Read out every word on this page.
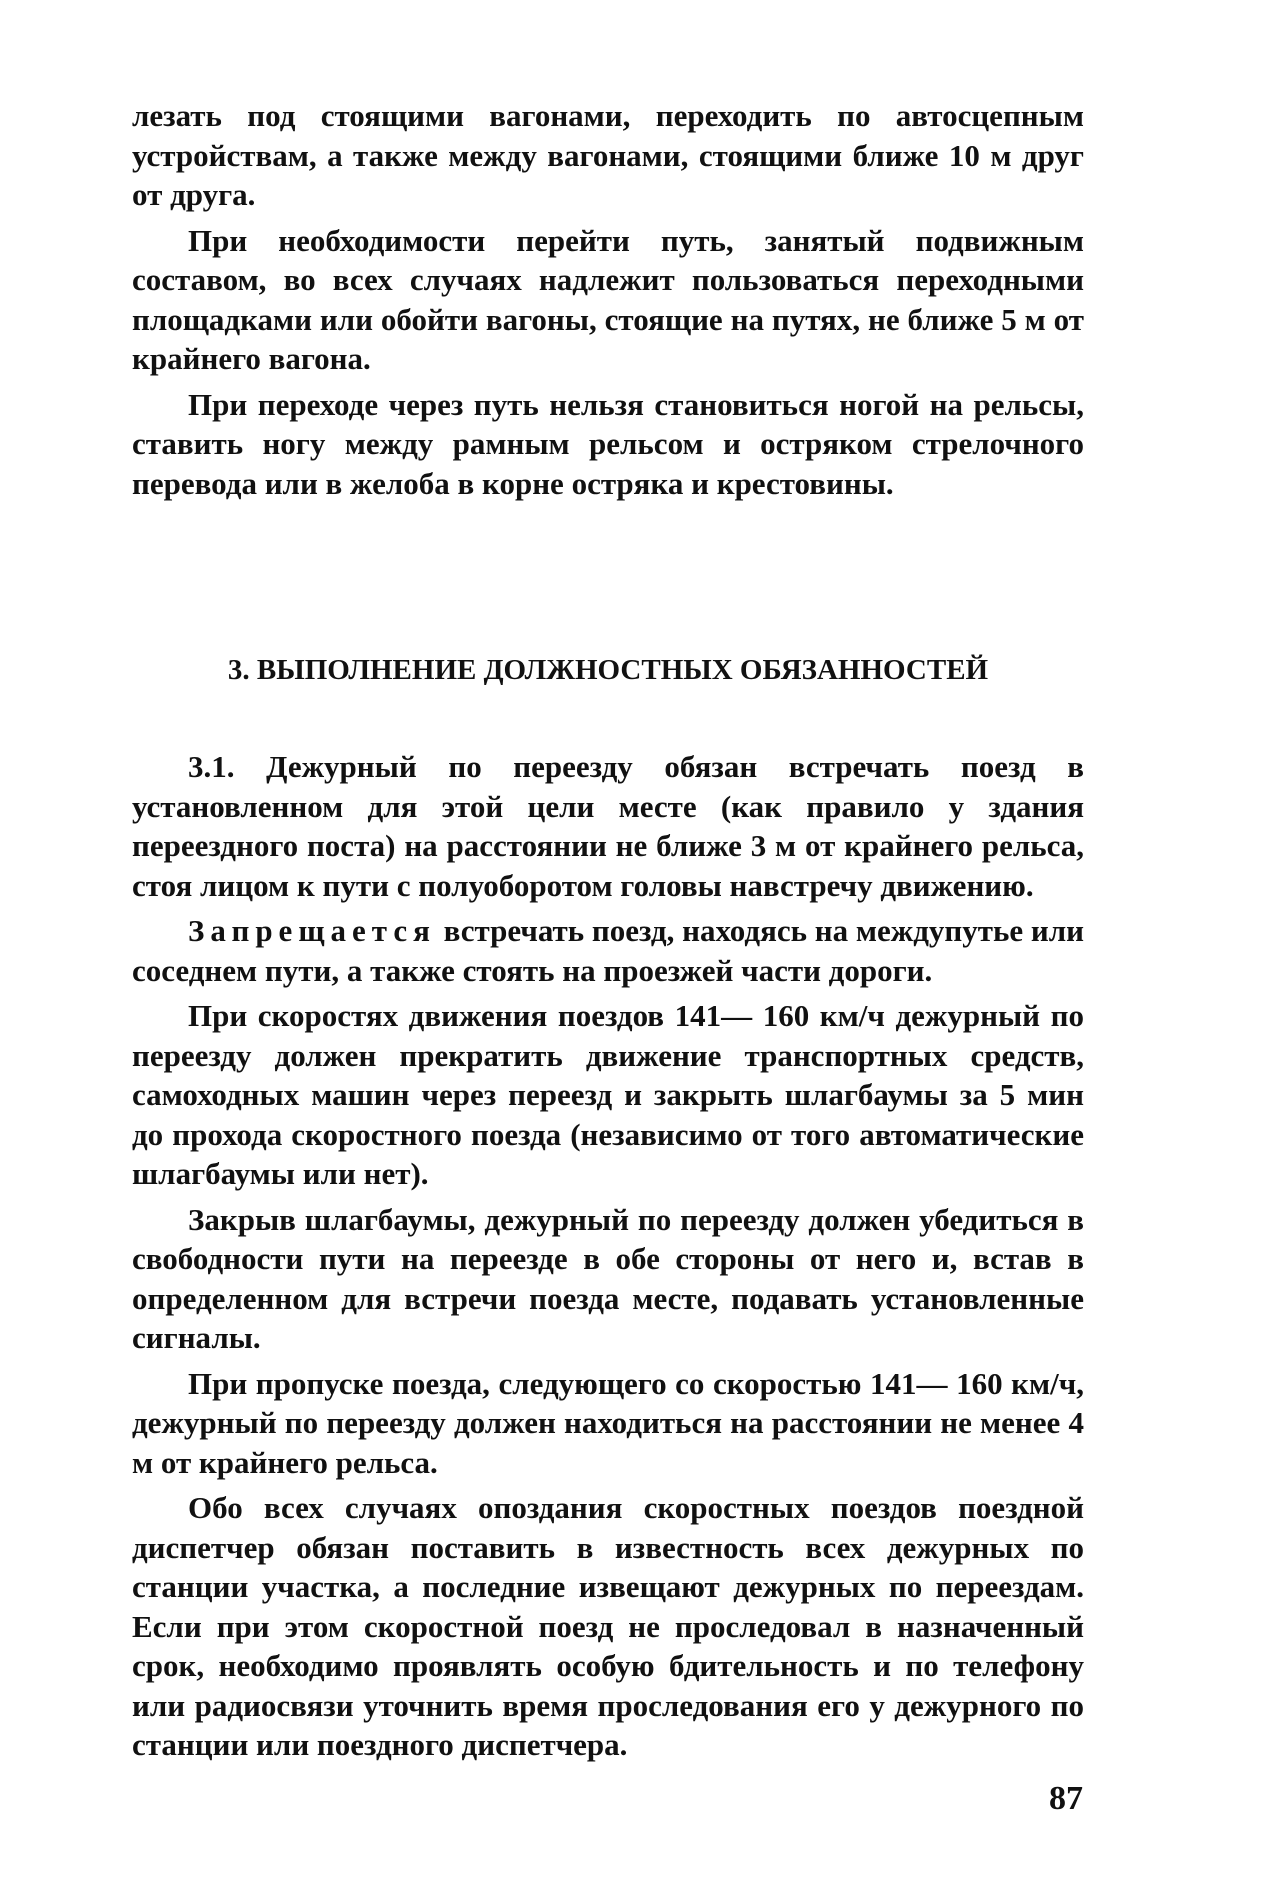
лезать под стоящими вагонами, переходить по автосцепным устройствам, а также между вагонами, стоящими ближе 10 м друг от друга.

При необходимости перейти путь, занятый подвижным составом, во всех случаях надлежит пользоваться переходными площадками или обойти вагоны, стоящие на путях, не ближе 5 м от крайнего вагона.

При переходе через путь нельзя становиться ногой на рельсы, ставить ногу между рамным рельсом и остряком стрелочного перевода или в желоба в корне остряка и крестовины.

3. ВЫПОЛНЕНИЕ ДОЛЖНОСТНЫХ ОБЯЗАННОСТЕЙ

3.1. Дежурный по переезду обязан встречать поезд в установленном для этой цели месте (как правило у здания переездного поста) на расстоянии не ближе 3 м от крайнего рельса, стоя лицом к пути с полуоборотом головы навстречу движению.

Запрещается встречать поезд, находясь на междупутье или соседнем пути, а также стоять на проезжей части дороги.

При скоростях движения поездов 141— 160 км/ч дежурный по переезду должен прекратить движение транспортных средств, самоходных машин через переезд и закрыть шлагбаумы за 5 мин до прохода скоростного поезда (независимо от того автоматические шлагбаумы или нет).

Закрыв шлагбаумы, дежурный по переезду должен убедиться в свободности пути на переезде в обе стороны от него и, встав в определенном для встречи поезда месте, подавать установленные сигналы.

При пропуске поезда, следующего со скоростью 141— 160 км/ч, дежурный по переезду должен находиться на расстоянии не менее 4 м от крайнего рельса.

Обо всех случаях опоздания скоростных поездов поездной диспетчер обязан поставить в известность всех дежурных по станции участка, а последние извещают дежурных по переездам. Если при этом скоростной поезд не проследовал в назначенный срок, необходимо проявлять особую бдительность и по телефону или радиосвязи уточнить время проследования его у дежурного по станции или поездного диспетчера.

87
